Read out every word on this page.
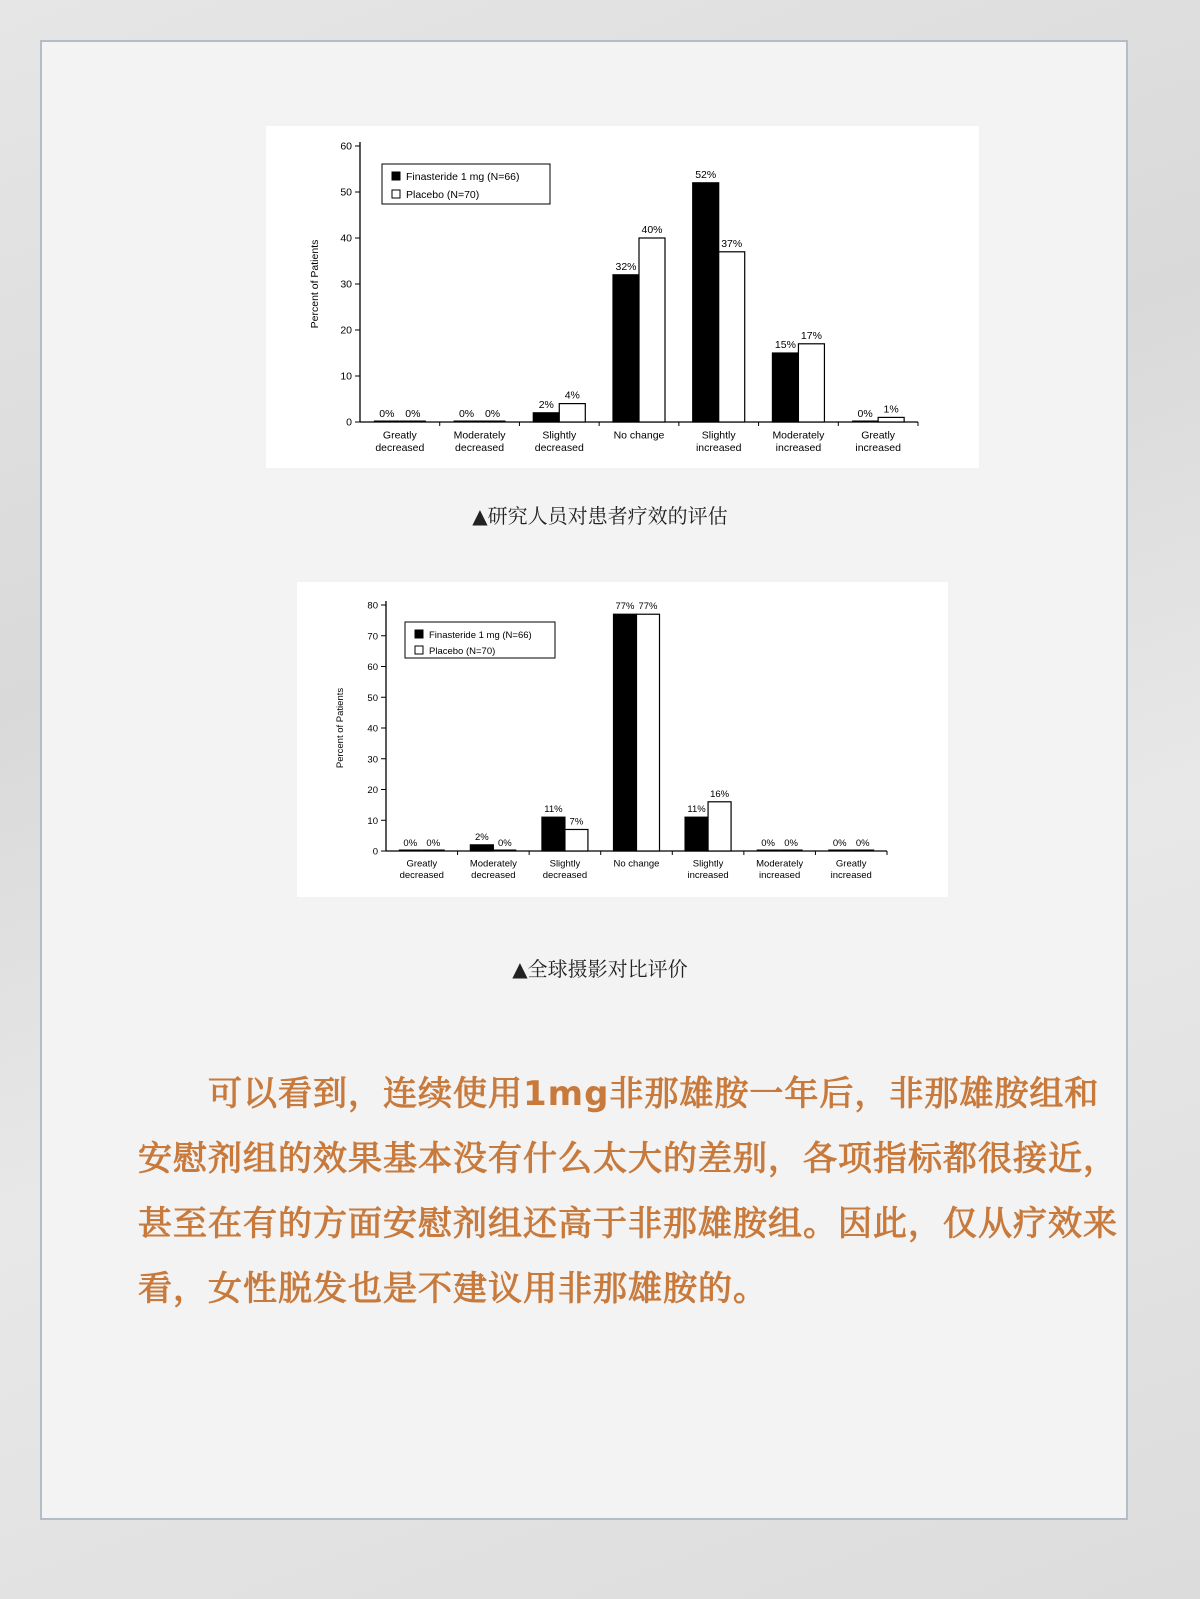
0
10
20
30
40
50
60
Percent of Patients
Greatly
decreased
Moderately
decreased
Slightly
decreased
No change	Slightly
increased
Moderately
increased
Greatly
increased
0%	0%
2%
32%
52%
15%
0%
0%	0%
4%
40%
37%
17%
1%
Finasteride 1 mg (N=66)
Placebo (N=70)
▲研究人员对患者疗效的评估
0
10
20
30
40
50
60
70
80
Percent of Patients
Greatly
decreased
Moderately
decreased
Slightly
decreased
No change	Slightly
increased
Moderately
increased
Greatly
increased
0%
2%
11%
77%
11%
0%	0%
0%	0%
7%
77%
16%
0%	0%
Finasteride 1 mg (N=66)
Placebo (N=70)
▲全球摄影对比评价
可以看到，连续使用1mg非那雄胺一年后，非那雄胺组和安慰剂组的效果基本没有什么太大的差别，各项指标都很接近，甚至在有的方面安慰剂组还高于非那雄胺组。因此，仅从疗效来看，女性脱发也是不建议用非那雄胺的。
